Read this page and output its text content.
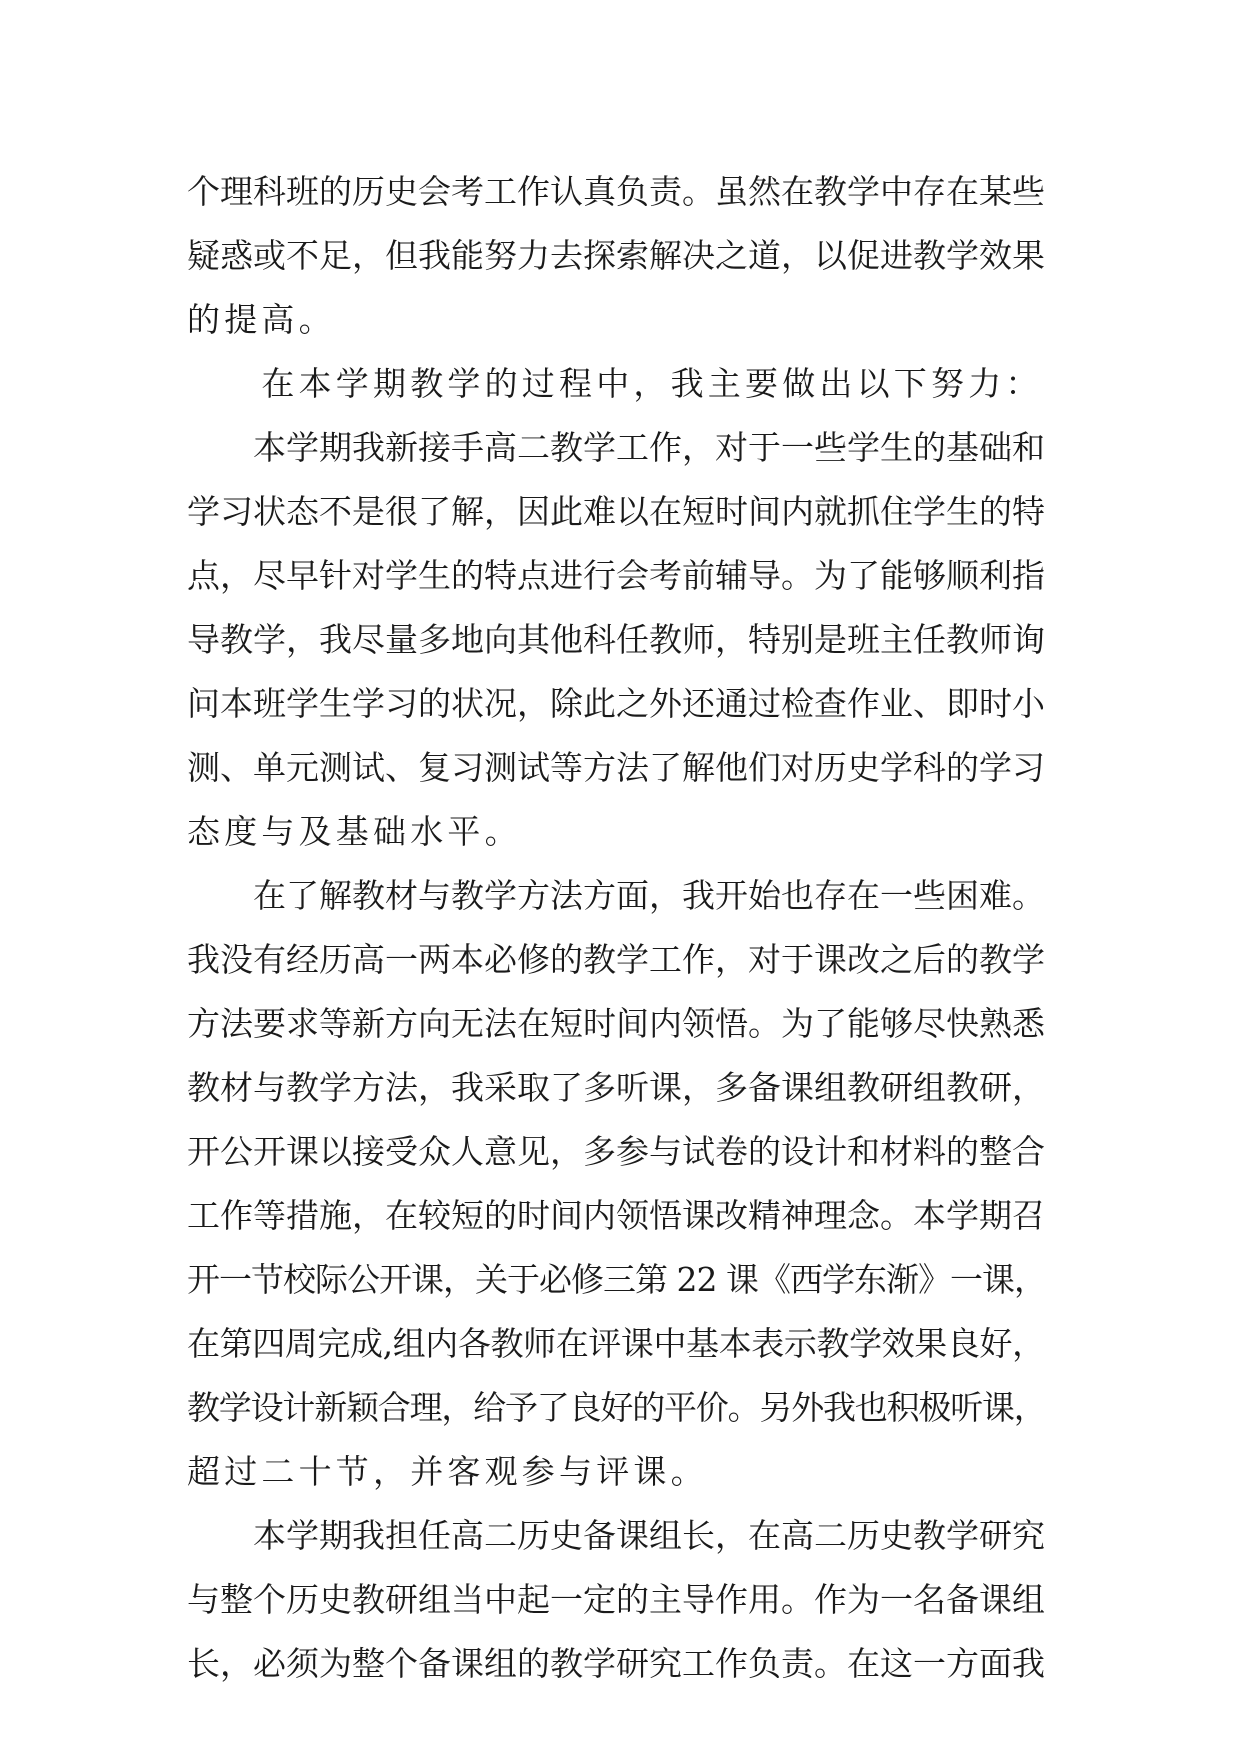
个理科班的历史会考工作认真负责。虽然在教学中存在某些
疑惑或不足，但我能努力去探索解决之道，以促进教学效果
的提高。
　　在本学期教学的过程中，我主要做出以下努力：
　　本学期我新接手高二教学工作，对于一些学生的基础和
学习状态不是很了解，因此难以在短时间内就抓住学生的特
点，尽早针对学生的特点进行会考前辅导。为了能够顺利指
导教学，我尽量多地向其他科任教师，特别是班主任教师询
问本班学生学习的状况，除此之外还通过检查作业、即时小
测、单元测试、复习测试等方法了解他们对历史学科的学习
态度与及基础水平。
　　在了解教材与教学方法方面，我开始也存在一些困难。
我没有经历高一两本必修的教学工作，对于课改之后的教学
方法要求等新方向无法在短时间内领悟。为了能够尽快熟悉
教材与教学方法，我采取了多听课，多备课组教研组教研，
开公开课以接受众人意见，多参与试卷的设计和材料的整合
工作等措施，在较短的时间内领悟课改精神理念。本学期召
开一节校际公开课，关于必修三第 22 课《西学东渐》一课，
在第四周完成,组内各教师在评课中基本表示教学效果良好，
教学设计新颖合理，给予了良好的平价。另外我也积极听课，
超过二十节，并客观参与评课。
　　本学期我担任高二历史备课组长，在高二历史教学研究
与整个历史教研组当中起一定的主导作用。作为一名备课组
长，必须为整个备课组的教学研究工作负责。在这一方面我
